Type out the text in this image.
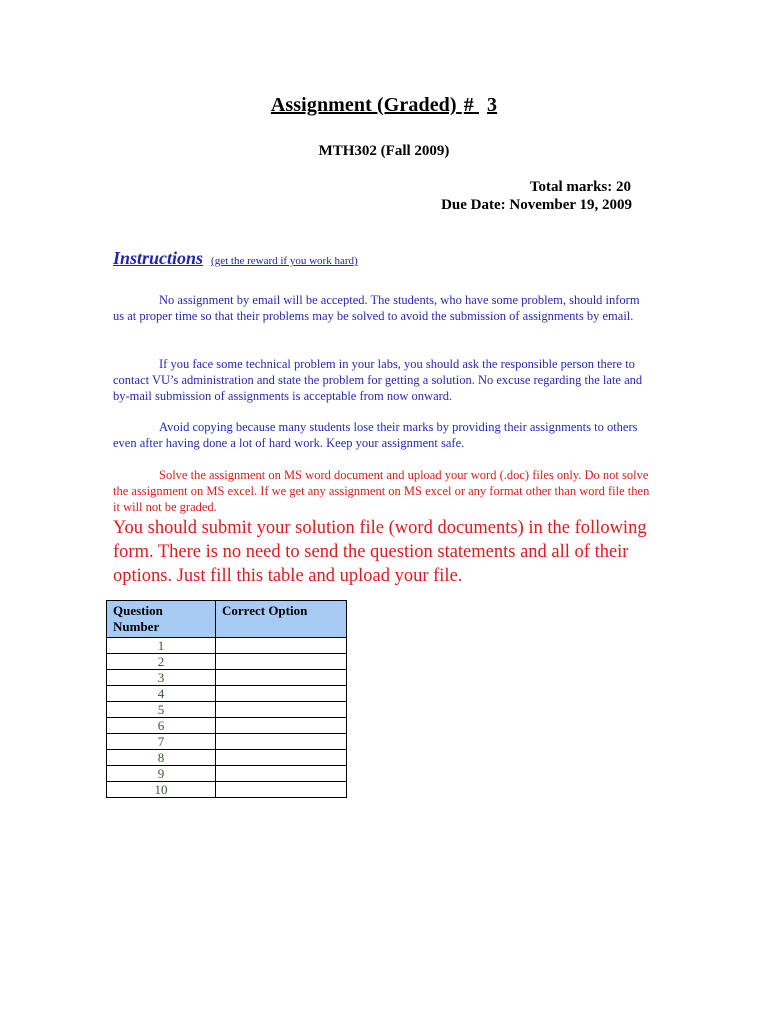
Assignment (Graded) # 3
MTH302 (Fall 2009)
Total marks: 20
Due Date: November 19, 2009
Instructions (get the reward if you work hard)

No assignment by email will be accepted. The students, who have some problem, should inform us at proper time so that their problems may be solved to avoid the submission of assignments by email.

If you face some technical problem in your labs, you should ask the responsible person there to contact VU’s administration and state the problem for getting a solution. No excuse regarding the late and by-mail submission of assignments is acceptable from now onward.

Avoid copying because many students lose their marks by providing their assignments to others even after having done a lot of hard work. Keep your assignment safe.

Solve the assignment on MS word document and upload your word (.doc) files only. Do not solve the assignment on MS excel. If we get any assignment on MS excel or any format other than word file then it will not be graded.

You should submit your solution file (word documents) in the following form. There is no need to send the question statements and all of their options. Just fill this table and upload your file.

Question Number	Correct Option
1	
2	
3	
4	
5	
6	
7	
8	
9	
10	
